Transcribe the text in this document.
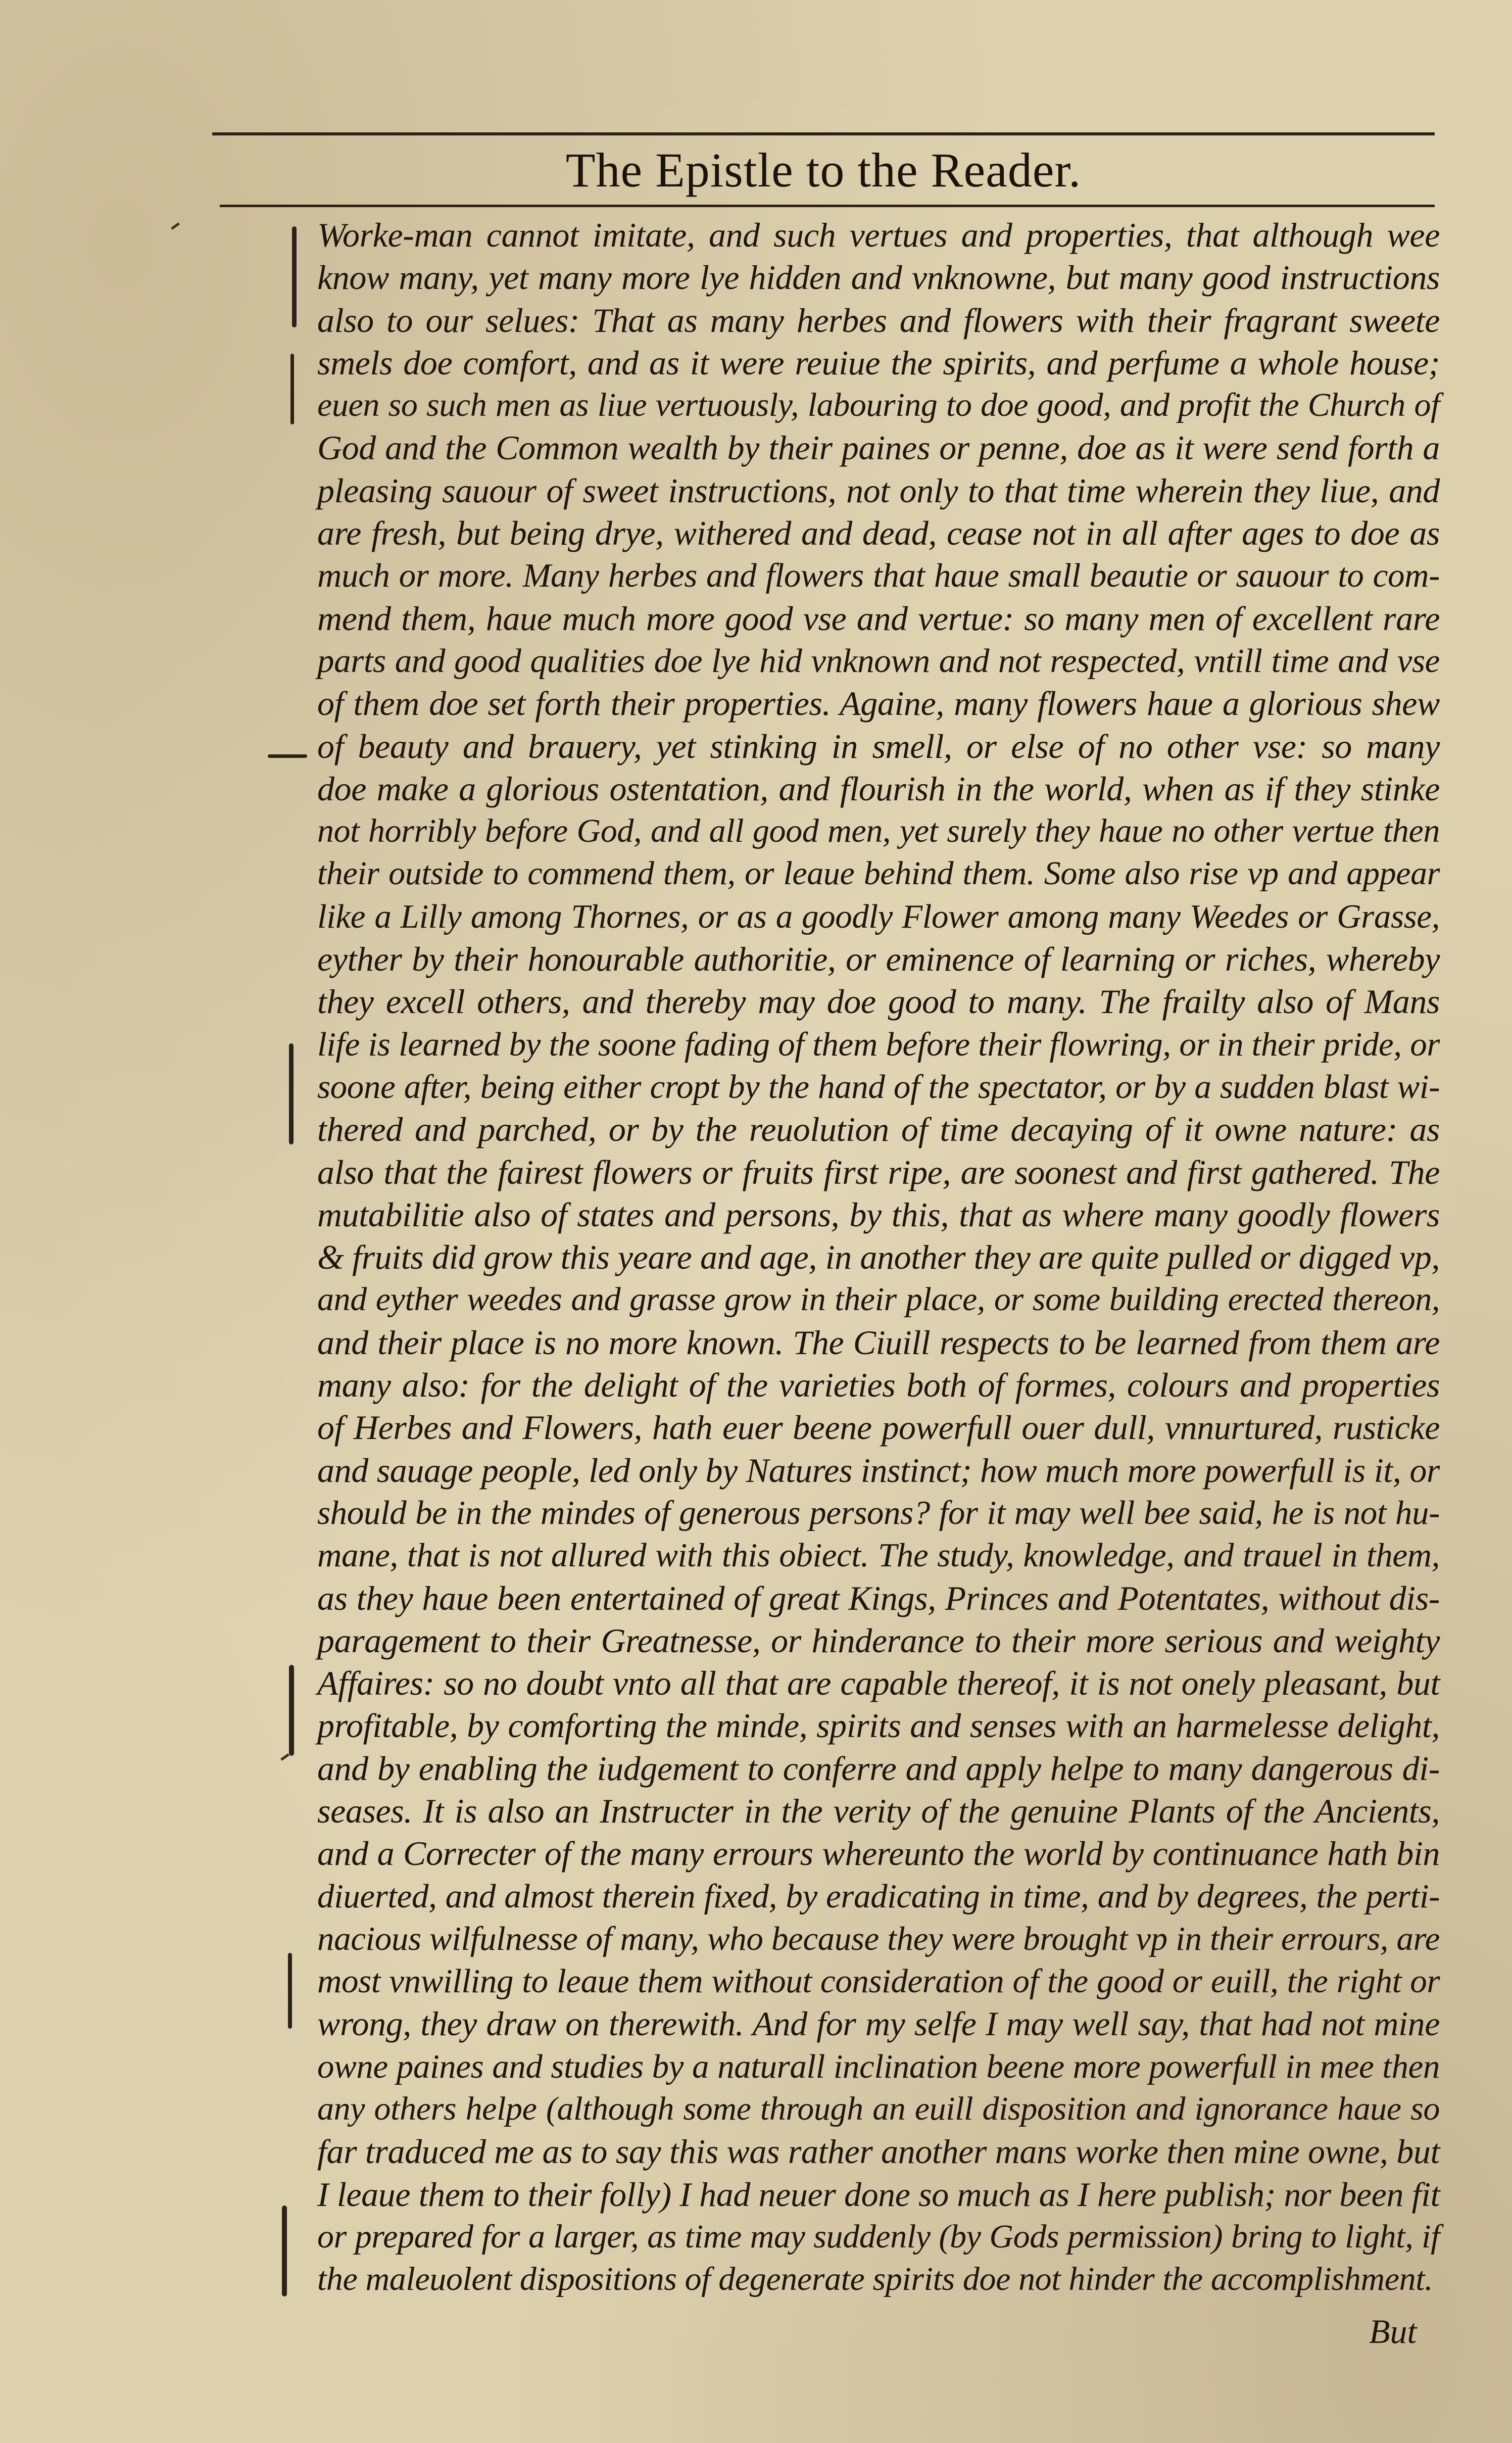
The Epistle to the Reader.
Worke-man cannot imitate, and such vertues and properties, that although wee
know many, yet many more lye hidden and vnknowne, but many good instructions
also to our selues: That as many herbes and flowers with their fragrant sweete
smels doe comfort, and as it were reuiue the spirits, and perfume a whole house;
euen so such men as liue vertuously, labouring to doe good, and profit the Church of
God and the Common wealth by their paines or penne, doe as it were send forth a
pleasing sauour of sweet instructions, not only to that time wherein they liue, and
are fresh, but being drye, withered and dead, cease not in all after ages to doe as
much or more. Many herbes and flowers that haue small beautie or sauour to com-
mend them, haue much more good vse and vertue: so many men of excellent rare
parts and good qualities doe lye hid vnknown and not respected, vntill time and vse
of them doe set forth their properties. Againe, many flowers haue a glorious shew
of beauty and brauery, yet stinking in smell, or else of no other vse: so many
doe make a glorious ostentation, and flourish in the world, when as if they stinke
not horribly before God, and all good men, yet surely they haue no other vertue then
their outside to commend them, or leaue behind them. Some also rise vp and appear
like a Lilly among Thornes, or as a goodly Flower among many Weedes or Grasse,
eyther by their honourable authoritie, or eminence of learning or riches, whereby
they excell others, and thereby may doe good to many. The frailty also of Mans
life is learned by the soone fading of them before their flowring, or in their pride, or
soone after, being either cropt by the hand of the spectator, or by a sudden blast wi-
thered and parched, or by the reuolution of time decaying of it owne nature: as
also that the fairest flowers or fruits first ripe, are soonest and first gathered. The
mutabilitie also of states and persons, by this, that as where many goodly flowers
& fruits did grow this yeare and age, in another they are quite pulled or digged vp,
and eyther weedes and grasse grow in their place, or some building erected thereon,
and their place is no more known. The Ciuill respects to be learned from them are
many also: for the delight of the varieties both of formes, colours and properties
of Herbes and Flowers, hath euer beene powerfull ouer dull, vnnurtured, rusticke
and sauage people, led only by Natures instinct; how much more powerfull is it, or
should be in the mindes of generous persons? for it may well bee said, he is not hu-
mane, that is not allured with this obiect. The study, knowledge, and trauel in them,
as they haue been entertained of great Kings, Princes and Potentates, without dis-
paragement to their Greatnesse, or hinderance to their more serious and weighty
Affaires: so no doubt vnto all that are capable thereof, it is not onely pleasant, but
profitable, by comforting the minde, spirits and senses with an harmelesse delight,
and by enabling the iudgement to conferre and apply helpe to many dangerous di-
seases. It is also an Instructer in the verity of the genuine Plants of the Ancients,
and a Correcter of the many errours whereunto the world by continuance hath bin
diuerted, and almost therein fixed, by eradicating in time, and by degrees, the perti-
nacious wilfulnesse of many, who because they were brought vp in their errours, are
most vnwilling to leaue them without consideration of the good or euill, the right or
wrong, they draw on therewith. And for my selfe I may well say, that had not mine
owne paines and studies by a naturall inclination beene more powerfull in mee then
any others helpe (although some through an euill disposition and ignorance haue so
far traduced me as to say this was rather another mans worke then mine owne, but
I leaue them to their folly) I had neuer done so much as I here publish; nor been fit
or prepared for a larger, as time may suddenly (by Gods permission) bring to light, if
the maleuolent dispositions of degenerate spirits doe not hinder the accomplishment.
But
